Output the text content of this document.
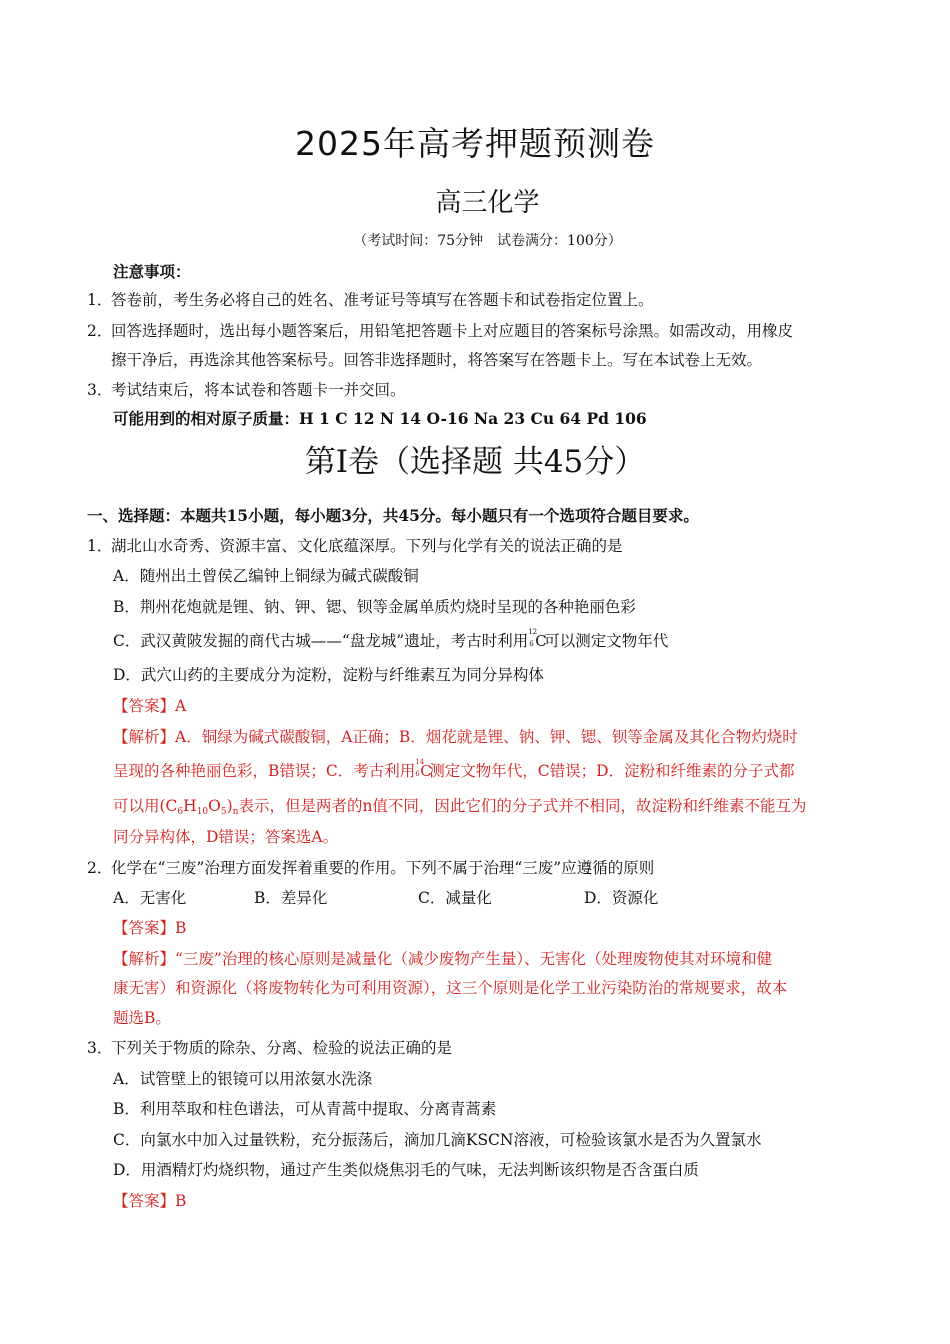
2025年高考押题预测卷
高三化学
（考试时间：75分钟　试卷满分：100分）
注意事项：
1．答卷前，考生务必将自己的姓名、准考证号等填写在答题卡和试卷指定位置上。
2．回答选择题时，选出每小题答案后，用铅笔把答题卡上对应题目的答案标号涂黑。如需改动，用橡皮
擦干净后，再选涂其他答案标号。回答非选择题时，将答案写在答题卡上。写在本试卷上无效。
3．考试结束后，将本试卷和答题卡一并交回。
可能用到的相对原子质量：H 1 C 12 N 14 O-16 Na 23 Cu 64 Pd 106
第Ⅰ卷（选择题 共45分）
一、选择题：本题共15小题，每小题3分，共45分。每小题只有一个选项符合题目要求。
1．湖北山水奇秀、资源丰富、文化底蕴深厚。下列与化学有关的说法正确的是
A．随州出土曾侯乙编钟上铜绿为碱式碳酸铜
B．荆州花炮就是锂、钠、钾、锶、钡等金属单质灼烧时呈现的各种艳丽色彩
C．武汉黄陂发掘的商代古城——“盘龙城”遗址，考古时利用 12
6 C
可以测定文物年代
D．武穴山药的主要成分为淀粉，淀粉与纤维素互为同分异构体
【答案】A
【解析】A．铜绿为碱式碳酸铜，A正确；B．烟花就是锂、钠、钾、锶、钡等金属及其化合物灼烧时
呈现的各种艳丽色彩，B错误；C．考古利用 14
6 C
测定文物年代，C错误；D．淀粉和纤维素的分子式都
可以用(C6H10O5)n表示，但是两者的n值不同，因此它们的分子式并不相同，故淀粉和纤维素不能互为
同分异构体，D错误；答案选A。
2．化学在“三废”治理方面发挥着重要的作用。下列不属于治理“三废”应遵循的原则
A．无害化	B．差异化	C．减量化	D．资源化
【答案】B
【解析】“三废”治理的核心原则是减量化（减少废物产生量）、无害化（处理废物使其对环境和健
康无害）和资源化（将废物转化为可利用资源），这三个原则是化学工业污染防治的常规要求，故本
题选B。
3．下列关于物质的除杂、分离、检验的说法正确的是
A．试管壁上的银镜可以用浓氨水洗涤
B．利用萃取和柱色谱法，可从青蒿中提取、分离青蒿素
C．向氯水中加入过量铁粉，充分振荡后，滴加几滴KSCN溶液，可检验该氯水是否为久置氯水
D．用酒精灯灼烧织物，通过产生类似烧焦羽毛的气味，无法判断该织物是否含蛋白质
【答案】B
